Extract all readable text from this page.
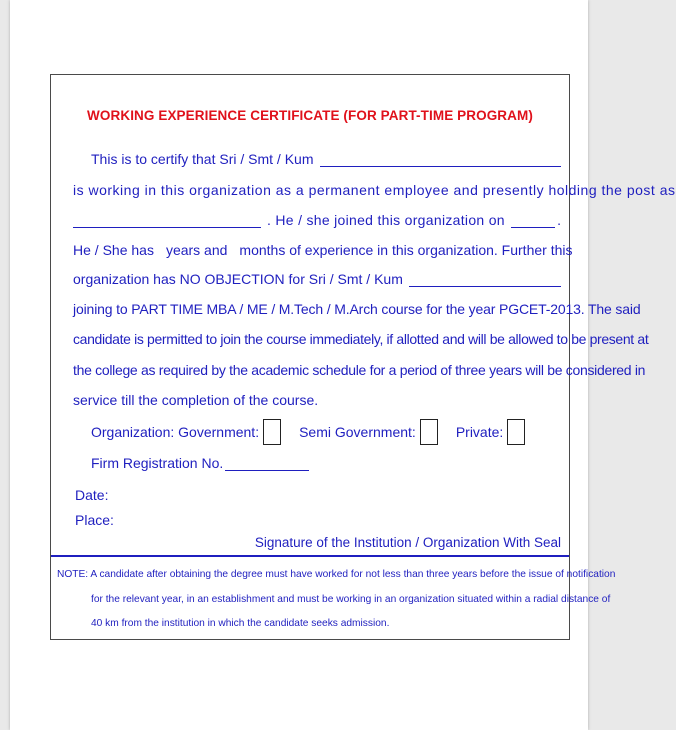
WORKING EXPERIENCE CERTIFICATE (FOR PART-TIME PROGRAM)
This is to certify that Sri / Smt / Kum
is working in this organization as a permanent employee and presently holding the post as
. He / she joined this organization on	.
He / She has years and months of experience in this organization. Further this
organization has NO OBJECTION for Sri / Smt / Kum
joining to PART TIME MBA / ME / M.Tech / M.Arch course for the year PGCET-2013. The said
candidate is permitted to join the course immediately, if allotted and will be allowed to be present at
the college as required by the academic schedule for a period of three years will be considered in
service till the completion of the course.
Organization: Government:	Semi Government:	Private:
Firm Registration No.
Date:
Place:
Signature of the Institution / Organization With Seal
NOTE: A candidate after obtaining the degree must have worked for not less than three years before the issue of notification
for the relevant year, in an establishment and must be working in an organization situated within a radial distance of
40 km from the institution in which the candidate seeks admission.
